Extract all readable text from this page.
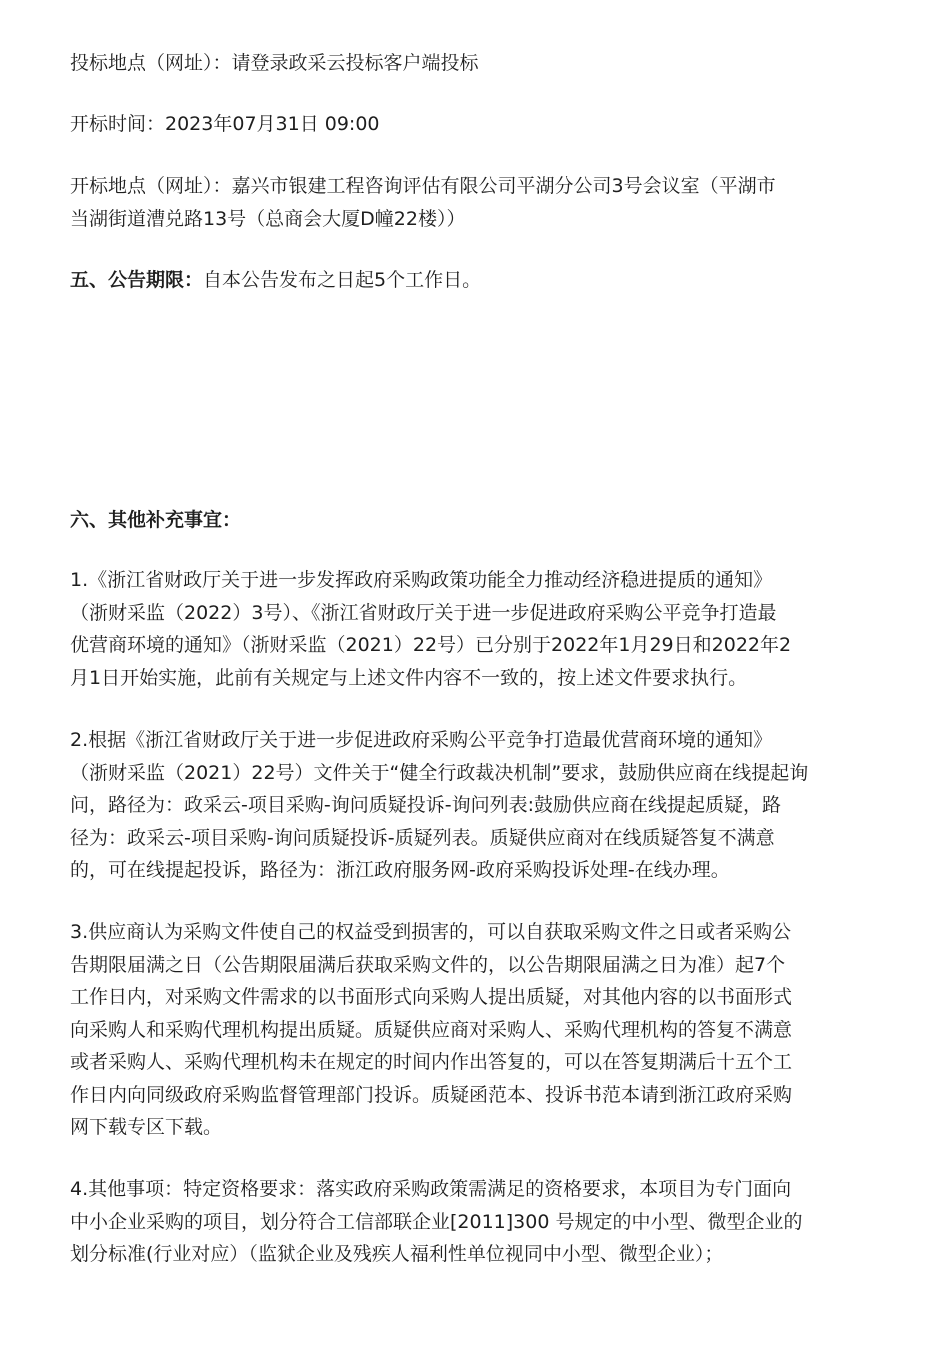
投标地点（网址）：请登录政采云投标客户端投标
开标时间：2023年07月31日 09:00
开标地点（网址）：嘉兴市银建工程咨询评估有限公司平湖分公司3号会议室（平湖市
当湖街道漕兑路13号（总商会大厦D幢22楼））
五、公告期限：自本公告发布之日起5个工作日。
六、其他补充事宜：
1.《浙江省财政厅关于进一步发挥政府采购政策功能全力推动经济稳进提质的通知》
（浙财采监（2022）3号）、《浙江省财政厅关于进一步促进政府采购公平竞争打造最
优营商环境的通知》（浙财采监（2021）22号）已分别于2022年1月29日和2022年2
月1日开始实施，此前有关规定与上述文件内容不一致的，按上述文件要求执行。
2.根据《浙江省财政厅关于进一步促进政府采购公平竞争打造最优营商环境的通知》
（浙财采监（2021）22号）文件关于“健全行政裁决机制”要求，鼓励供应商在线提起询
问，路径为：政采云-项目采购-询问质疑投诉-询问列表:鼓励供应商在线提起质疑，路
径为：政采云-项目采购-询问质疑投诉-质疑列表。质疑供应商对在线质疑答复不满意
的，可在线提起投诉，路径为：浙江政府服务网-政府采购投诉处理-在线办理。
3.供应商认为采购文件使自己的权益受到损害的，可以自获取采购文件之日或者采购公
告期限届满之日（公告期限届满后获取采购文件的，以公告期限届满之日为准）起7个
工作日内，对采购文件需求的以书面形式向采购人提出质疑，对其他内容的以书面形式
向采购人和采购代理机构提出质疑。质疑供应商对采购人、采购代理机构的答复不满意
或者采购人、采购代理机构未在规定的时间内作出答复的，可以在答复期满后十五个工
作日内向同级政府采购监督管理部门投诉。质疑函范本、投诉书范本请到浙江政府采购
网下载专区下载。
4.其他事项：特定资格要求：落实政府采购政策需满足的资格要求，本项目为专门面向
中小企业采购的项目，划分符合工信部联企业[2011]300 号规定的中小型、微型企业的
划分标准(行业对应）（监狱企业及残疾人福利性单位视同中小型、微型企业）；
